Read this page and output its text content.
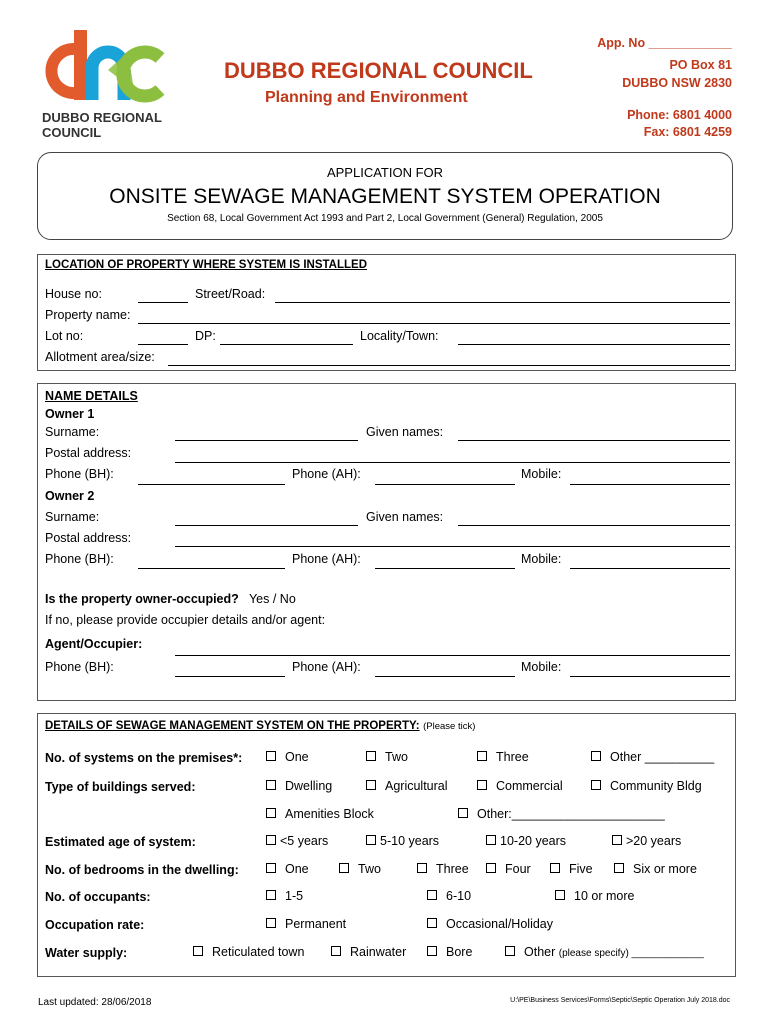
DUBBO REGIONAL
COUNCIL
DUBBO REGIONAL COUNCIL
Planning and Environment
App. No ____________
PO Box 81
DUBBO NSW 2830
Phone: 6801 4000
Fax: 6801 4259
APPLICATION FOR
ONSITE SEWAGE MANAGEMENT SYSTEM OPERATION
Section 68, Local Government Act 1993 and Part 2, Local Government (General) Regulation, 2005
LOCATION OF PROPERTY WHERE SYSTEM IS INSTALLED
House no:	Street/Road:
Property name:
Lot no:	DP:	Locality/Town:
Allotment area/size:
NAME DETAILS
Owner 1
Surname:	Given names:
Postal address:
Phone (BH):	Phone (AH):	Mobile:
Owner 2
Surname:	Given names:
Postal address:
Phone (BH):	Phone (AH):	Mobile:
Is the property owner-occupied? Yes / No
If no, please provide occupier details and/or agent:
Agent/Occupier:
Phone (BH):	Phone (AH):	Mobile:
DETAILS OF SEWAGE MANAGEMENT SYSTEM ON THE PROPERTY: (Please tick)
No. of systems on the premises*:	One	Two	Three	Other __________
Type of buildings served:	Dwelling	Agricultural	Commercial	Community Bldg
Amenities Block	Other:______________________
Estimated age of system:	<5 years	5-10 years	10-20 years	>20 years
No. of bedrooms in the dwelling:	One	Two	Three	Four	Five	Six or more
No. of occupants:	1-5	6-10	10 or more
Occupation rate:	Permanent	Occasional/Holiday
Water supply:	Reticulated town	Rainwater	Bore	Other (please specify) _____________
Last updated: 28/06/2018	U:\PE\Business Services\Forms\Septic\Septic Operation July 2018.doc
